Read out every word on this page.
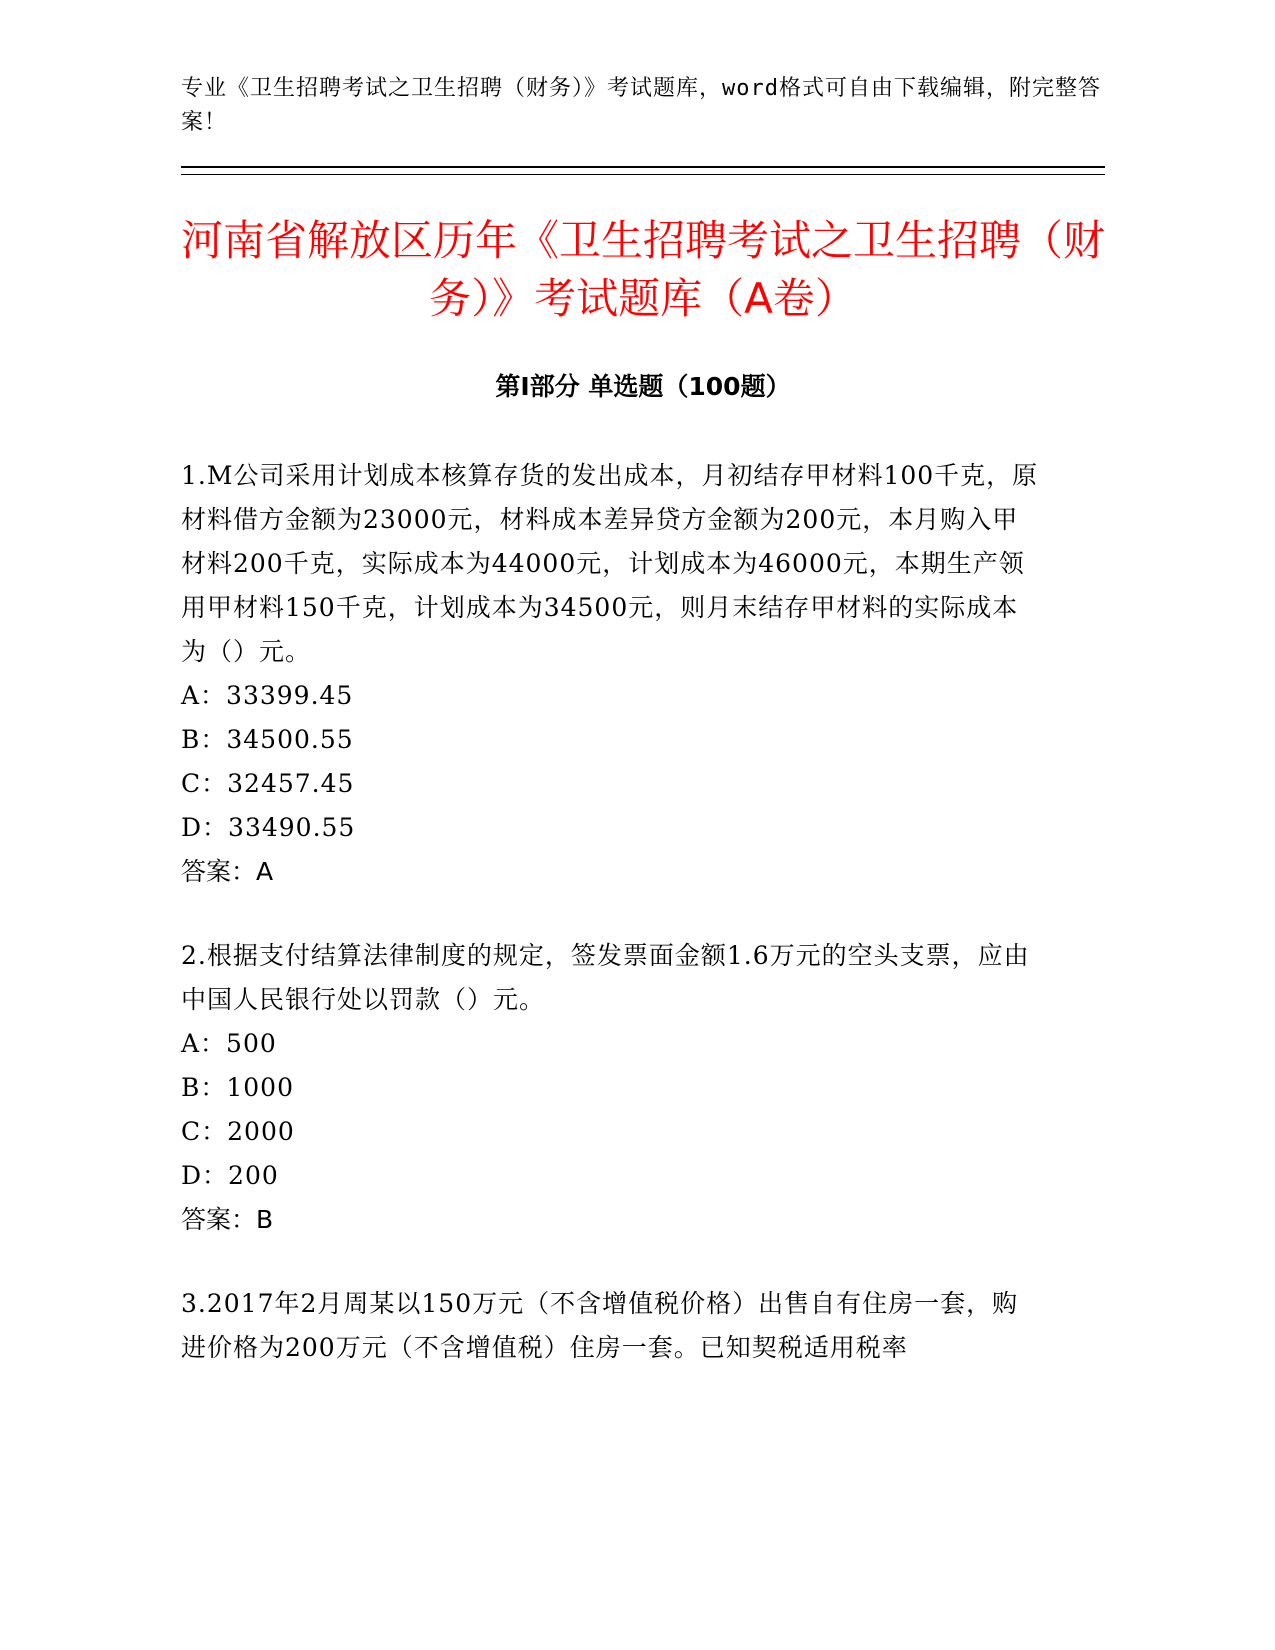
专业《卫生招聘考试之卫生招聘（财务）》考试题库，word格式可自由下载编辑，附完整答案！
河南省解放区历年《卫生招聘考试之卫生招聘（财务）》考试题库（A卷）
第I部分 单选题（100题）

1.M公司采用计划成本核算存货的发出成本，月初结存甲材料100千克，原材料借方金额为23000元，材料成本差异贷方金额为200元，本月购入甲材料200千克，实际成本为44000元，计划成本为46000元，本期生产领用甲材料150千克，计划成本为34500元，则月末结存甲材料的实际成本为（）元。

A：33399.45

B：34500.55

C：32457.45

D：33490.55

答案：A

2.根据支付结算法律制度的规定，签发票面金额1.6万元的空头支票，应由中国人民银行处以罚款（）元。

A：500

B：1000

C：2000

D：200

答案：B

3.2017年2月周某以150万元（不含增值税价格）出售自有住房一套，购进价格为200万元（不含增值税）住房一套。已知契税适用税率
